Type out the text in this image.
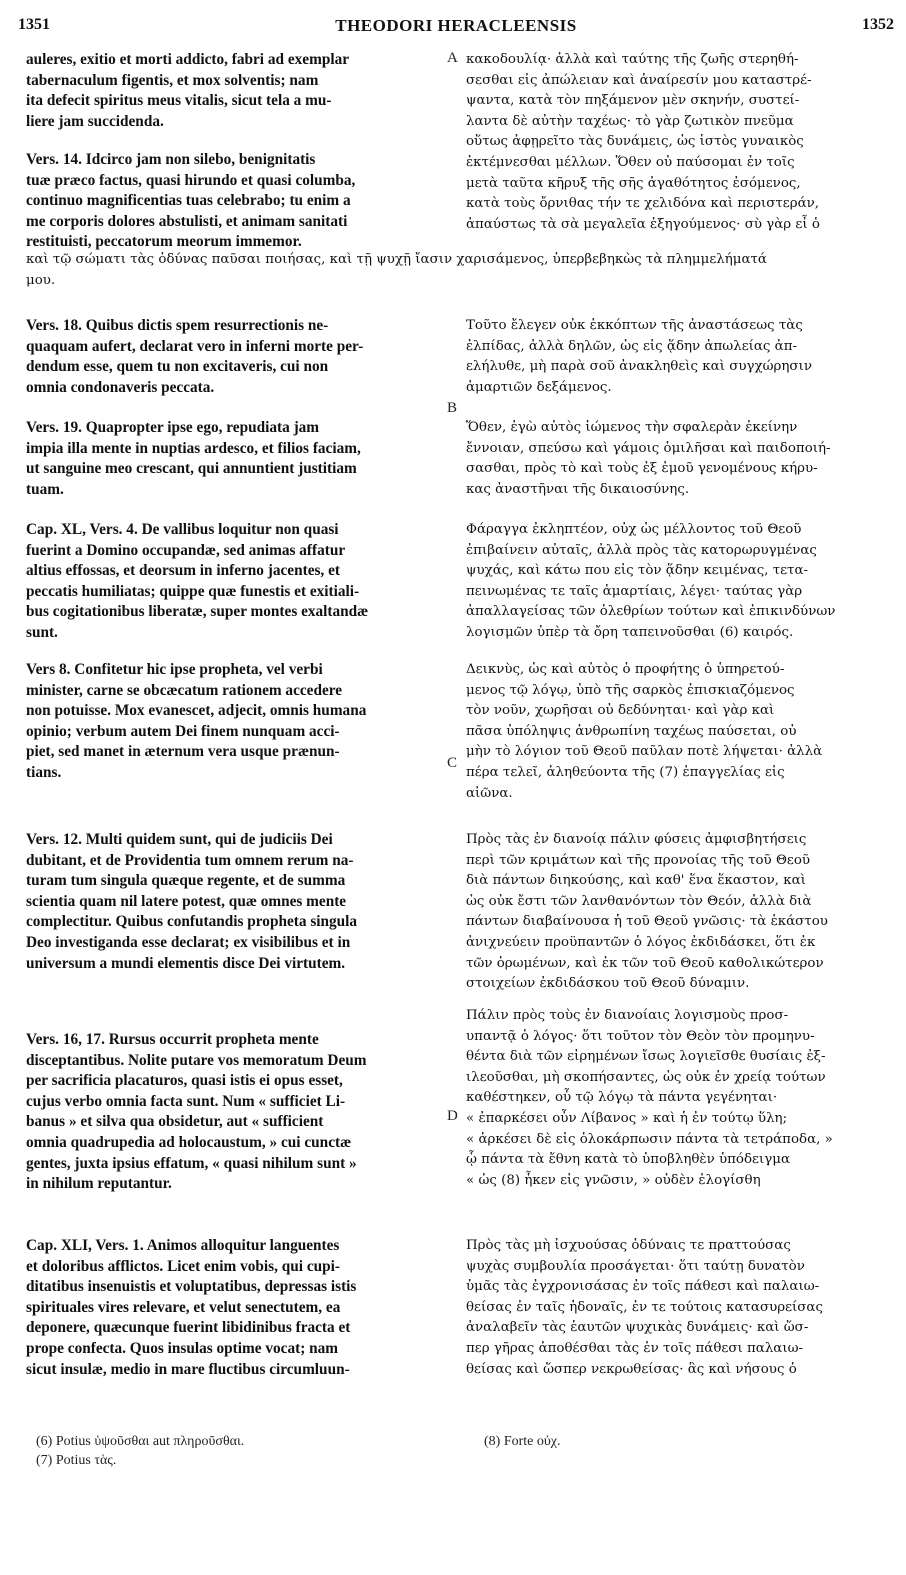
1351	THEODORI HERACLEENSIS	1352
auleres, exitio et morti addicto, fabri ad exemplar
tabernaculum figentis, et mox solventis; nam
ita defecit spiritus meus vitalis, sicut tela a mu-
liere jam succidenda.
Vers. 14. Idcirco jam non silebo, benignitatis
tuæ præco factus, quasi hirundo et quasi columba,
continuo magnificentias tuas celebrabo; tu enim a
me corporis dolores abstulisti, et animam sanitati
restituisti, peccatorum meorum immemor.
Vers. 18. Quibus dictis spem resurrectionis ne-
quaquam aufert, declarat vero in inferni morte per-
dendum esse, quem tu non excitaveris, cui non
omnia condonaveris peccata.
Vers. 19. Quapropter ipse ego, repudiata jam
impia illa mente in nuptias ardesco, et filios faciam,
ut sanguine meo crescant, qui annuntient justitiam
tuam.
Cap. XL, Vers. 4. De vallibus loquitur non quasi
fuerint a Domino occupandæ, sed animas affatur
altius effossas, et deorsum in inferno jacentes, et
peccatis humiliatas; quippe quæ funestis et exitiali-
bus cogitationibus liberatæ, super montes exaltandæ
sunt.
Vers 8. Confitetur hic ipse propheta, vel verbi
minister, carne se obcæcatum rationem accedere
non potuisse. Mox evanescet, adjecit, omnis humana
opinio; verbum autem Dei finem nunquam acci-
piet, sed manet in æternum vera usque prænun-
tians.
Vers. 12. Multi quidem sunt, qui de judiciis Dei
dubitant, et de Providentia tum omnem rerum na-
turam tum singula quæque regente, et de summa
scientia quam nil latere potest, quæ omnes mente
complectitur. Quibus confutandis propheta singula
Deo investiganda esse declarat; ex visibilibus et in
universum a mundi elementis disce Dei virtutem.
Vers. 16, 17. Rursus occurrit propheta mente
disceptantibus. Nolite putare vos memoratum Deum
per sacrificia placaturos, quasi istis ei opus esset,
cujus verbo omnia facta sunt. Num « sufficiet Li-
banus » et silva qua obsidetur, aut « sufficient
omnia quadrupedia ad holocaustum, » cui cunctæ
gentes, juxta ipsius effatum, « quasi nihilum sunt »
in nihilum reputantur.
Cap. XLI, Vers. 1. Animos alloquitur languentes
et doloribus afflictos. Licet enim vobis, qui cupi-
ditatibus insenuistis et voluptatibus, depressas istis
spirituales vires relevare, et velut senectutem, ea
deponere, quæcunque fuerint libidinibus fracta et
prope confecta. Quos insulas optime vocat; nam
sicut insulæ, medio in mare fluctibus circumluun-
κακοδουλίᾳ· ἀλλὰ καὶ ταύτης τῆς ζωῆς στερηθή-
σεσθαι εἰς ἀπώλειαν καὶ ἀναίρεσίν μου καταστρέ-
ψαντα, κατὰ τὸν πηξάμενον μὲν σκηνήν, συστεί-
λαντα δὲ αὐτὴν ταχέως· τὸ γὰρ ζωτικὸν πνεῦμα
οὕτως ἀφῃρεῖτο τὰς δυνάμεις, ὡς ἱστὸς γυναικὸς
ἐκτέμνεσθαι μέλλων. Ὅθεν οὐ παύσομαι ἐν τοῖς
μετὰ ταῦτα κῆρυξ τῆς σῆς ἀγαθότητος ἐσόμενος,
κατὰ τοὺς ὄρνιθας τήν τε χελιδόνα καὶ περιστεράν,
ἀπαύστως τὰ σὰ μεγαλεῖα ἐξηγούμενος· σὺ γὰρ εἶ ὁ
Τοῦτο ἔλεγεν οὐκ ἐκκόπτων τῆς ἀναστάσεως τὰς
ἐλπίδας, ἀλλὰ δηλῶν, ὡς εἰς ᾅδην ἀπωλείας ἀπ-
ελήλυθε, μὴ παρὰ σοῦ ἀνακληθεὶς καὶ συγχώρησιν
ἁμαρτιῶν δεξάμενος.
Ὅθεν, ἐγὼ αὐτὸς ἰώμενος τὴν σφαλερὰν ἐκείνην
ἔννοιαν, σπεύσω καὶ γάμοις ὁμιλῆσαι καὶ παιδοποιή-
σασθαι, πρὸς τὸ καὶ τοὺς ἐξ ἐμοῦ γενομένους κήρυ-
κας ἀναστῆναι τῆς δικαιοσύνης.
Φάραγγα ἐκληπτέον, οὐχ ὡς μέλλοντος τοῦ Θεοῦ
ἐπιβαίνειν αὐταῖς, ἀλλὰ πρὸς τὰς κατορωρυγμένας
ψυχάς, καὶ κάτω που εἰς τὸν ᾅδην κειμένας, τετα-
πεινωμένας τε ταῖς ἁμαρτίαις, λέγει· ταύτας γὰρ
ἀπαλλαγείσας τῶν ὀλεθρίων τούτων καὶ ἐπικινδύνων
λογισμῶν ὑπὲρ τὰ ὄρη ταπεινοῦσθαι (6) καιρός.
Δεικνὺς, ὡς καὶ αὐτὸς ὁ προφήτης ὁ ὑπηρετού-
μενος τῷ λόγῳ, ὑπὸ τῆς σαρκὸς ἐπισκιαζόμενος
τὸν νοῦν, χωρῆσαι οὐ δεδύνηται· καὶ γὰρ καὶ
πᾶσα ὑπόληψις ἀνθρωπίνη ταχέως παύσεται, οὐ
μὴν τὸ λόγιον τοῦ Θεοῦ παῦλαν ποτὲ λήψεται· ἀλλὰ
πέρα τελεῖ, ἀληθεύοντα τῆς (7) ἐπαγγελίας εἰς
αἰῶνα.
Πρὸς τὰς ἐν διανοίᾳ πάλιν φύσεις ἀμφισβητήσεις
περὶ τῶν κριμάτων καὶ τῆς προνοίας τῆς τοῦ Θεοῦ
διὰ πάντων διηκούσης, καὶ καθ' ἕνα ἕκαστον, καὶ
ὡς οὐκ ἔστι τῶν λανθανόντων τὸν Θεόν, ἀλλὰ διὰ
πάντων διαβαίνουσα ἡ τοῦ Θεοῦ γνῶσις· τὰ ἑκάστου
ἀνιχνεύειν προϋπαντῶν ὁ λόγος ἐκδιδάσκει, ὅτι ἐκ
τῶν ὁρωμένων, καὶ ἐκ τῶν τοῦ Θεοῦ καθολικώτερον
στοιχείων ἐκδιδάσκου τοῦ Θεοῦ δύναμιν.
Πάλιν πρὸς τοὺς ἐν διανοίαις λογισμοὺς προσ-
υπαντᾷ ὁ λόγος· ὅτι τοῦτον τὸν Θεὸν τὸν προμηνυ-
θέντα διὰ τῶν εἰρημένων ἴσως λογιεῖσθε θυσίαις ἐξ-
ιλεοῦσθαι, μὴ σκοπήσαντες, ὡς οὐκ ἐν χρείᾳ τούτων
καθέστηκεν, οὗ τῷ λόγῳ τὰ πάντα γεγένηται·
« ἐπαρκέσει οὖν Λίβανος » καὶ ἡ ἐν τούτῳ ὕλη;
« ἀρκέσει δὲ εἰς ὁλοκάρπωσιν πάντα τὰ τετράποδα, »
ᾧ πάντα τὰ ἔθνη κατὰ τὸ ὑποβληθὲν ὑπόδειγμα
« ὡς (8) ἧκεν εἰς γνῶσιν, » οὐδὲν ἐλογίσθη
Πρὸς τὰς μὴ ἰσχυούσας ὀδύναις τε πραττούσας
ψυχὰς συμβουλία προσάγεται· ὅτι ταύτῃ δυνατὸν
ὑμᾶς τὰς ἐγχρονισάσας ἐν τοῖς πάθεσι καὶ παλαιω-
θείσας ἐν ταῖς ἡδοναῖς, ἐν τε τούτοις κατασυρείσας
ἀναλαβεῖν τὰς ἑαυτῶν ψυχικὰς δυνάμεις· καὶ ὥσ-
περ γῆρας ἀποθέσθαι τὰς ἐν τοῖς πάθεσι παλαιω-
θείσας καὶ ὥσπερ νεκρωθείσας· ἃς καὶ νήσους ὁ
καὶ τῷ σώματι τὰς ὀδύνας παῦσαι ποιήσας, καὶ τῇ ψυχῇ ἴασιν χαρισάμενος, ὑπερβεβηκὼς τὰ πλημμελήματά
μου.
A
B
C
D
(6) Potius ὑψοῦσθαι aut πληροῦσθαι.
(7) Potius τὰς.
(8) Forte οὐχ.
